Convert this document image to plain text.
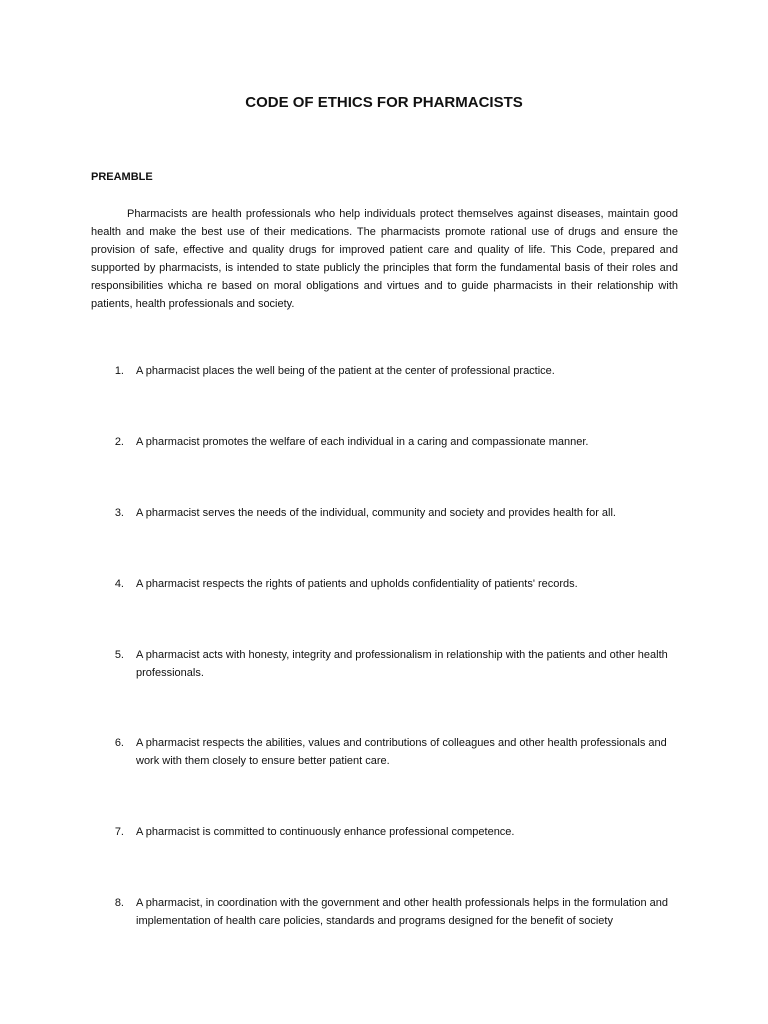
CODE OF ETHICS FOR PHARMACISTS
PREAMBLE

Pharmacists are health professionals who help individuals protect themselves against diseases, maintain good health and make the best use of their medications. The pharmacists promote rational use of drugs and ensure the provision of safe, effective and quality drugs for improved patient care and quality of life. This Code, prepared and supported by pharmacists, is intended to state publicly the principles that form the fundamental basis of their roles and responsibilities whicha re based on moral obligations and virtues and to guide pharmacists in their relationship with patients, health professionals and society.

1. A pharmacist places the well being of the patient at the center of professional practice.
2. A pharmacist promotes the welfare of each individual in a caring and compassionate manner.
3. A pharmacist serves the needs of the individual, community and society and provides health for all.
4. A pharmacist respects the rights of patients and upholds confidentiality of patients' records.
5. A pharmacist acts with honesty, integrity and professionalism in relationship with the patients and other health professionals.
6. A pharmacist respects the abilities, values and contributions of colleagues and other health professionals and work with them closely to ensure better patient care.
7. A pharmacist is committed to continuously enhance professional competence.
8. A pharmacist, in coordination with the government and other health professionals helps in the formulation and implementation of health care policies, standards and programs designed for the benefit of society
